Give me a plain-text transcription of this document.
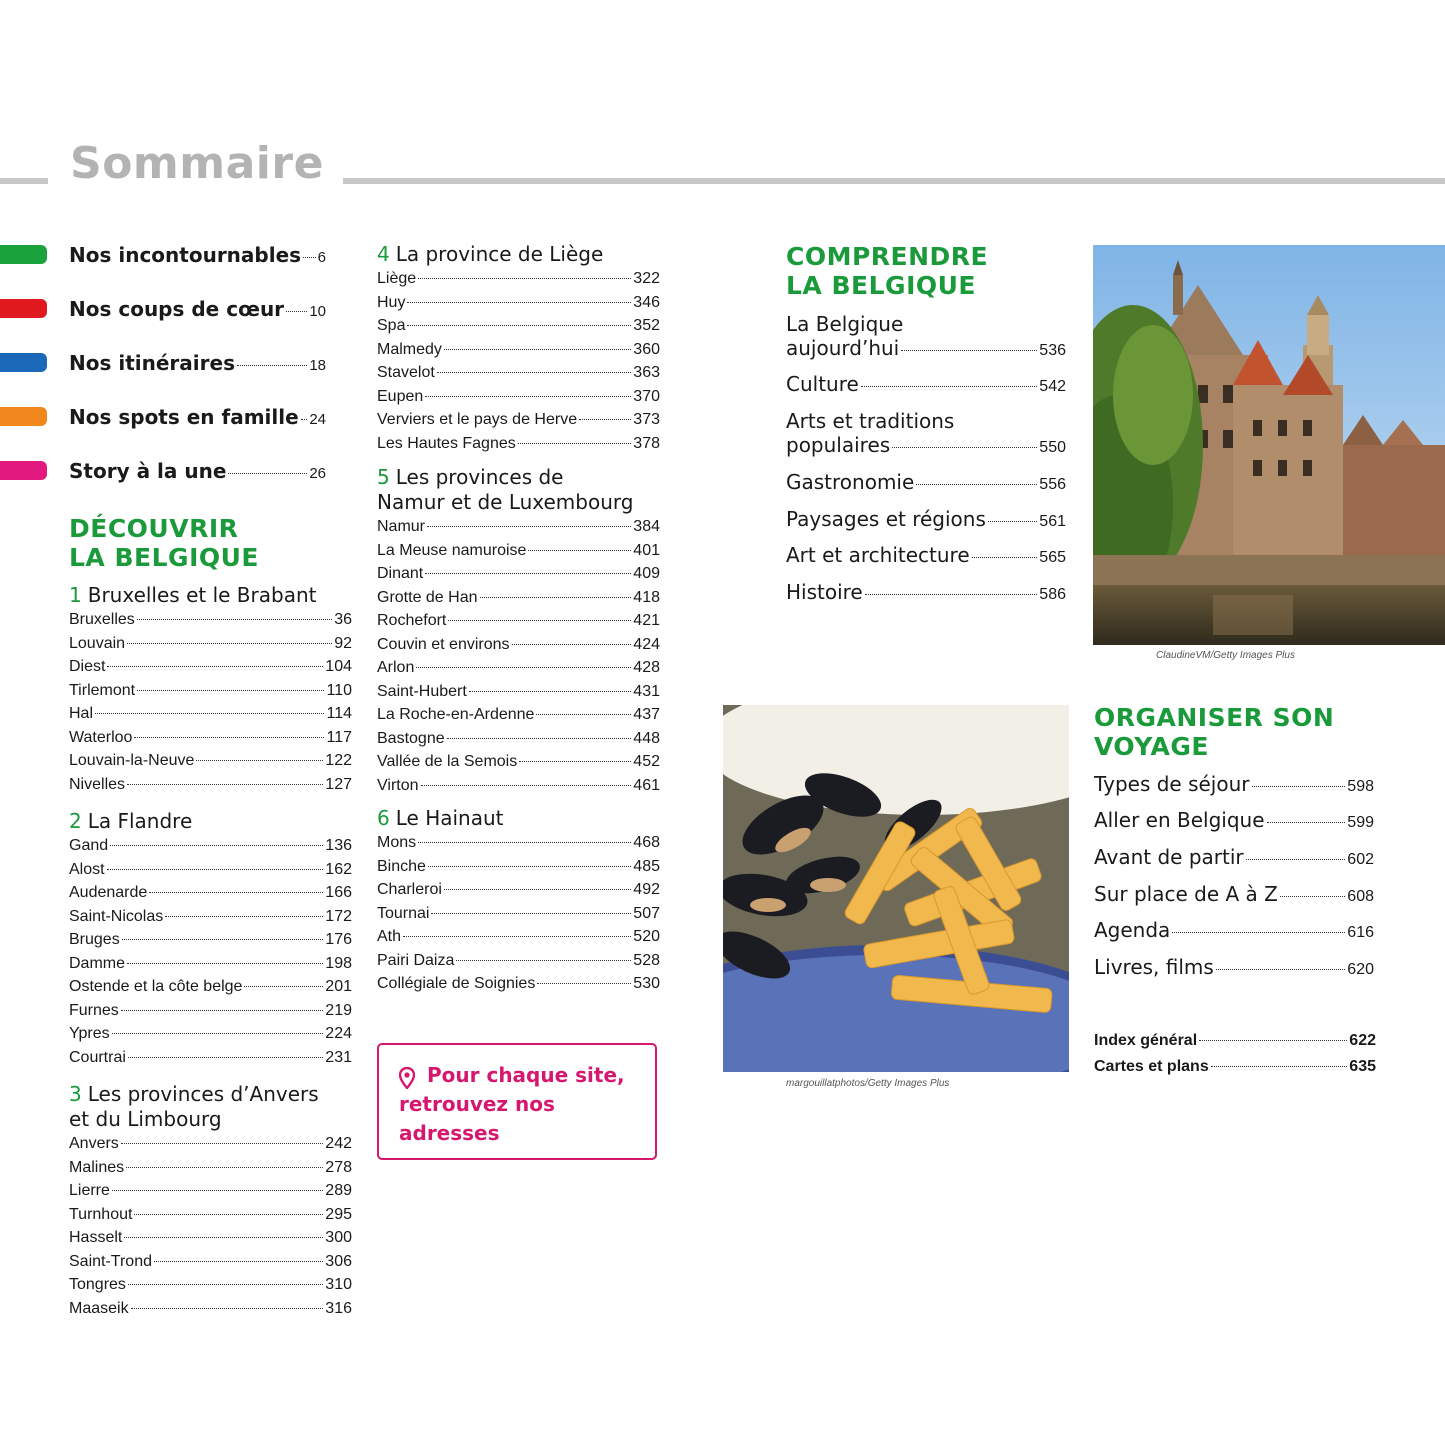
Sommaire
Nos incontournables 6
Nos coups de cœur 10
Nos itinéraires	18
Nos spots en famille 24
Story à la une	26
DÉCOUVRIR
LA BELGIQUE
1 Bruxelles et le Brabant
Bruxelles	36
Louvain	92
Diest	104
Tirlemont	110
Hal	114
Waterloo	117
Louvain-la-Neuve	122
Nivelles	127
2 La Flandre
Gand	136
Alost	162
Audenarde	166
Saint-Nicolas	172
Bruges	176
Damme	198
Ostende et la côte belge	201
Furnes	219
Ypres	224
Courtrai	231
3 Les provinces d’Anvers
et du Limbourg
Anvers	242
Malines	278
Lierre	289
Turnhout	295
Hasselt	300
Saint-Trond	306
Tongres	310
Maaseik	316
4 La province de Liège
Liège	322
Huy	346
Spa	352
Malmedy	360
Stavelot	363
Eupen	370
Verviers et le pays de Herve	373
Les Hautes Fagnes	378
5 Les provinces de
Namur et de Luxembourg
Namur	384
La Meuse namuroise	401
Dinant	409
Grotte de Han	418
Rochefort	421
Couvin et environs	424
Arlon	428
Saint-Hubert	431
La Roche-en-Ardenne	437
Bastogne	448
Vallée de la Semois	452
Virton	461
6 Le Hainaut
Mons	468
Binche	485
Charleroi	492
Tournai	507
Ath	520
Pairi Daiza	528
Collégiale de Soignies	530
Pour chaque site, retrouvez nos adresses
COMPRENDRE
LA BELGIQUE
La Belgique
aujourd’hui	536
Culture	542
Arts et traditions
populaires	550
Gastronomie	556
Paysages et régions	561
Art et architecture	565
Histoire	586
ClaudineVM/Getty Images Plus
margouillatphotos/Getty Images Plus
ORGANISER SON
VOYAGE
Types de séjour	598
Aller en Belgique	599
Avant de partir	602
Sur place de A à Z	608
Agenda	616
Livres, films	620
Index général	622
Cartes et plans	635
